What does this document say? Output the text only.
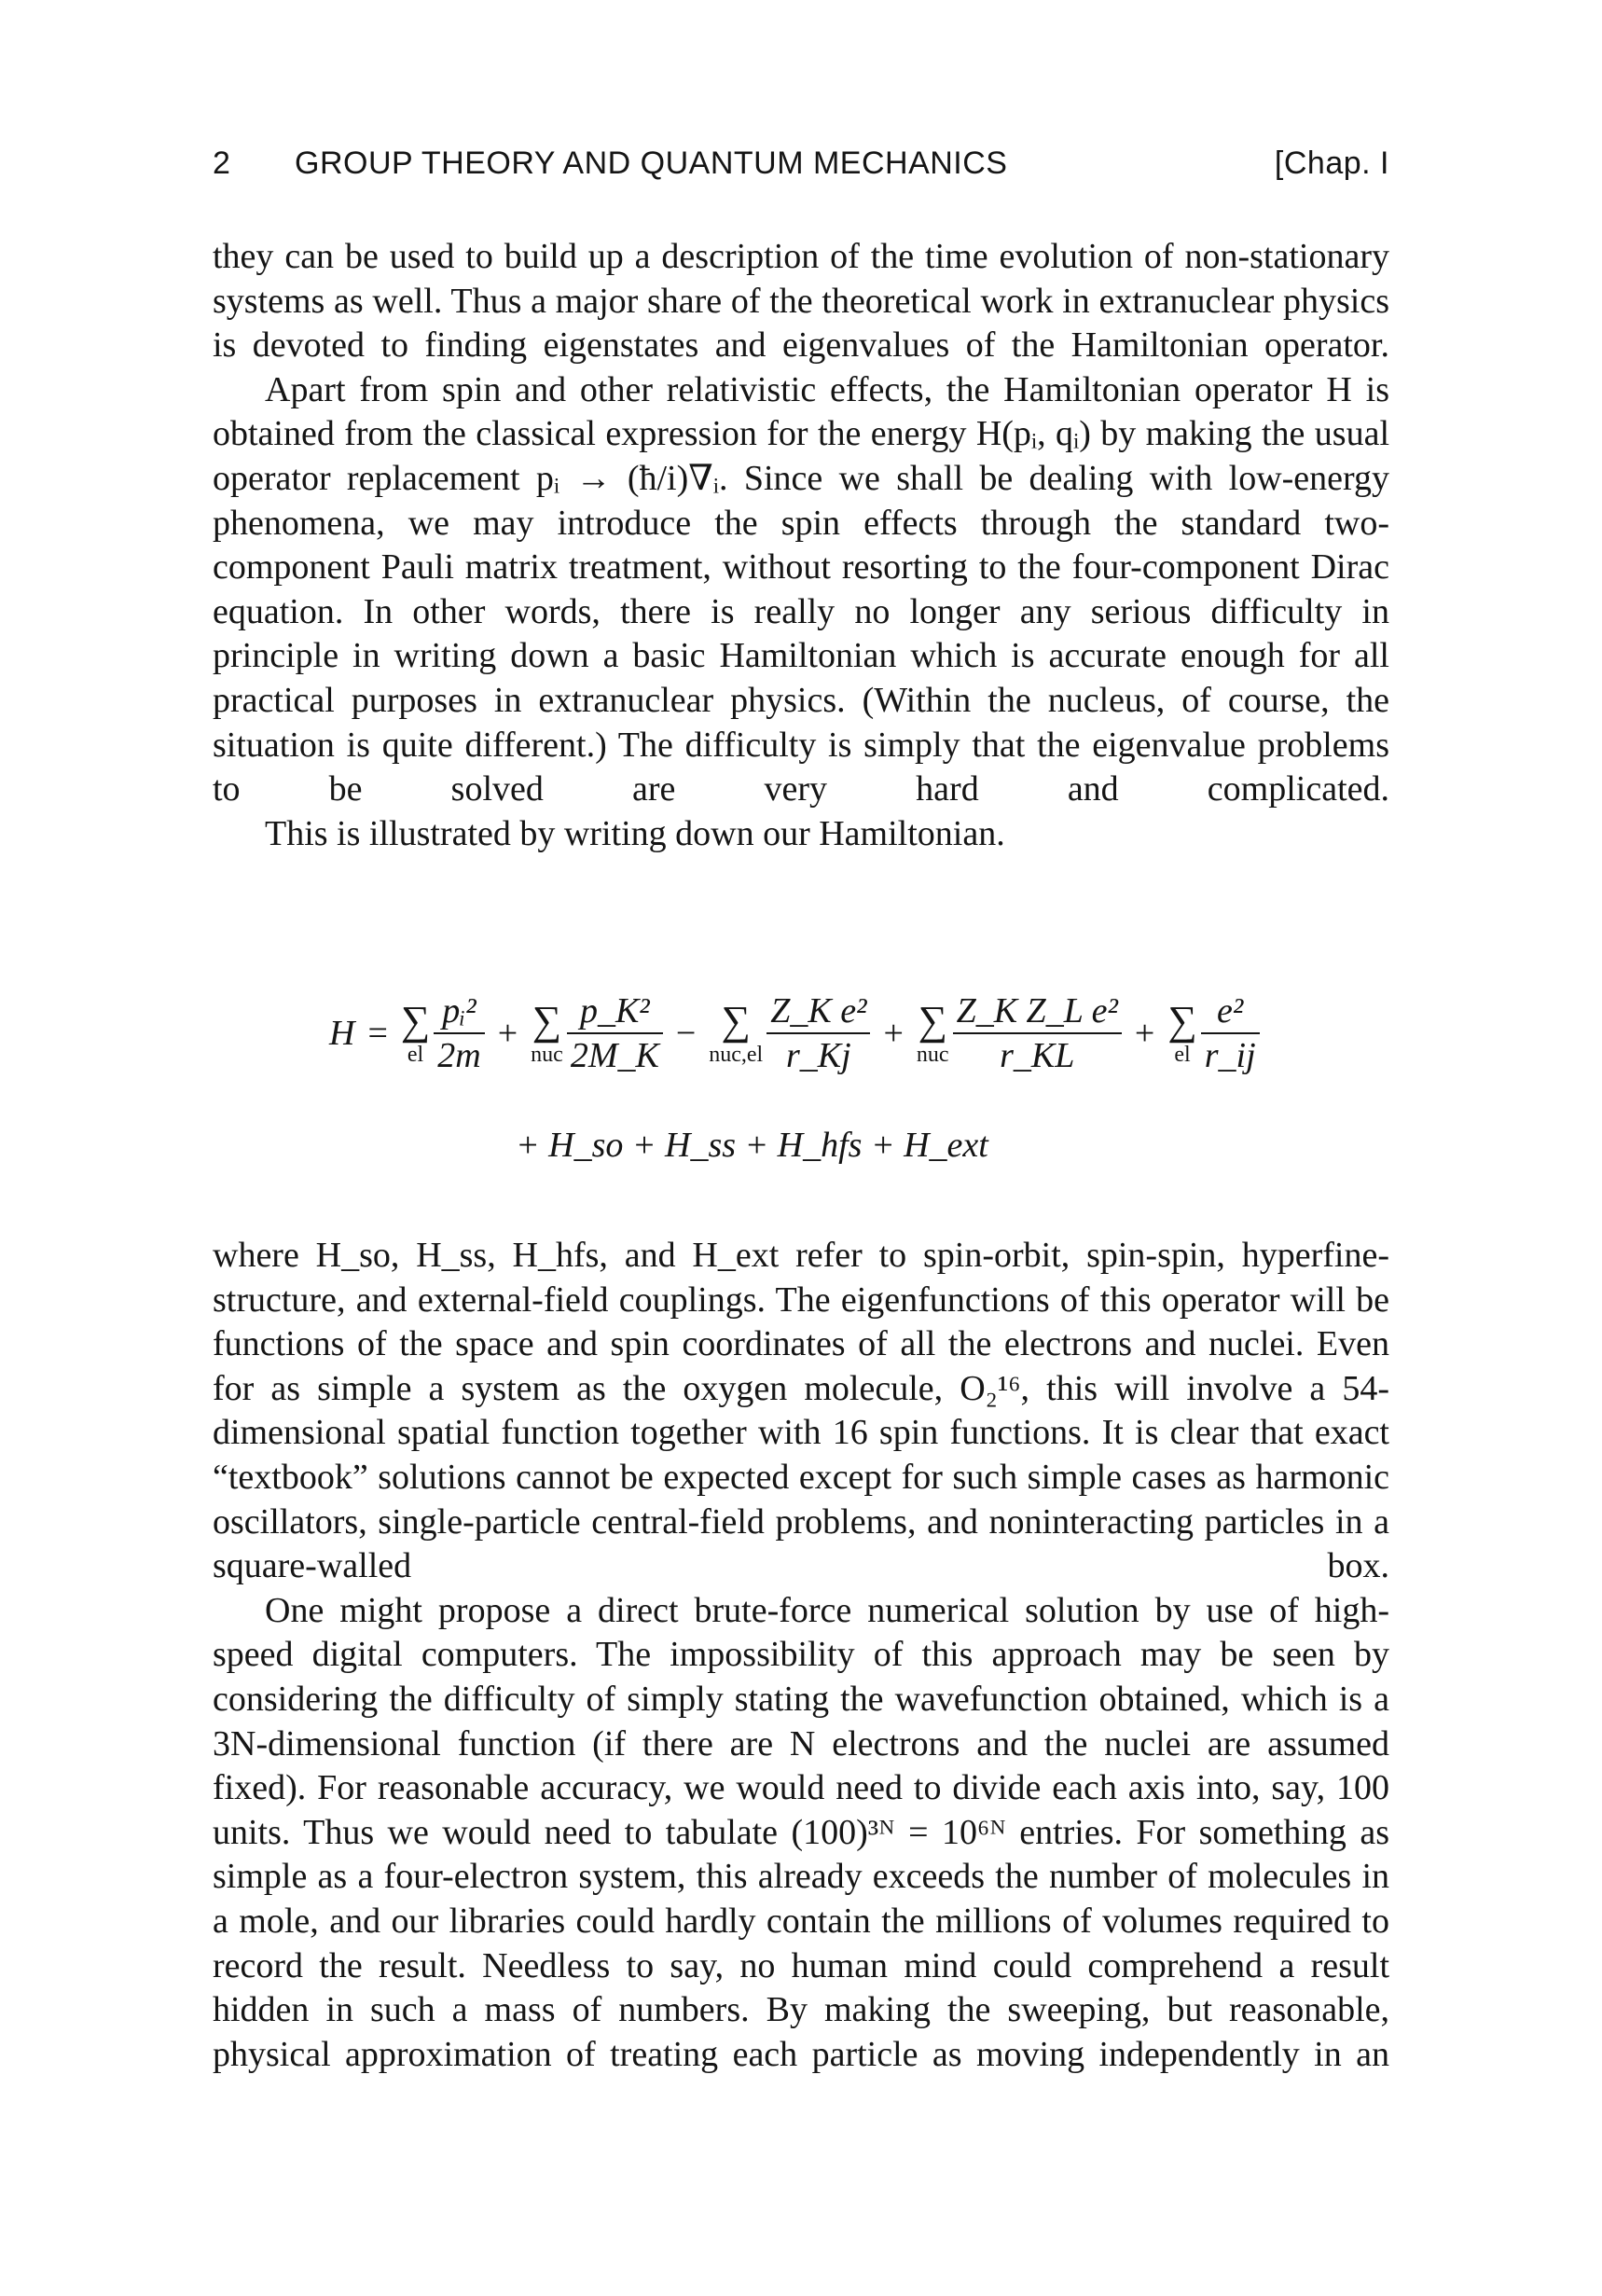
2 GROUP THEORY AND QUANTUM MECHANICS	[Chap. I

they can be used to build up a description of the time evolution of non-stationary systems as well. Thus a major share of the theoretical work in extranuclear physics is devoted to finding eigenstates and eigenvalues of the Hamiltonian operator.

Apart from spin and other relativistic effects, the Hamiltonian operator H is obtained from the classical expression for the energy H(pᵢ, qᵢ) by making the usual operator replacement pᵢ → (ħ/i)∇ᵢ. Since we shall be dealing with low-energy phenomena, we may introduce the spin effects through the standard two-component Pauli matrix treatment, without resorting to the four-component Dirac equation. In other words, there is really no longer any serious difficulty in principle in writing down a basic Hamiltonian which is accurate enough for all practical purposes in extranuclear physics. (Within the nucleus, of course, the situation is quite different.) The difficulty is simply that the eigenvalue problems to be solved are very hard and complicated.

This is illustrated by writing down our Hamiltonian.

H = ∑
el $\frac{\text{pᵢ²}}{2m}$ + ∑
nuc $\frac{\text{p\_K²}}{2M\_K}$ − ∑
$nuc,el \frac{\text{Z\_K e²}}{r\_Kj}$ + ∑
nuc $\frac{\text{Z\_K Z\_L e²}}{r\_KL}$ + ∑
el $\frac{\text{e²}}{r\_ij}$
+ H_so + H_ss + H_hfs + H_ext

where H_so, H_ss, H_hfs, and H_ext refer to spin-orbit, spin-spin, hyperfine-structure, and external-field couplings. The eigenfunctions of this operator will be functions of the space and spin coordinates of all the electrons and nuclei. Even for as simple a system as the oxygen molecule, O₂¹⁶, this will involve a 54-dimensional spatial function together with 16 spin functions. It is clear that exact “textbook” solutions cannot be expected except for such simple cases as harmonic oscillators, single-particle central-field problems, and noninteracting particles in a square-walled box.

One might propose a direct brute-force numerical solution by use of high-speed digital computers. The impossibility of this approach may be seen by considering the difficulty of simply stating the wavefunction obtained, which is a 3N-dimensional function (if there are N electrons and the nuclei are assumed fixed). For reasonable accuracy, we would need to divide each axis into, say, 100 units. Thus we would need to tabulate (100)³ᴺ = 10⁶ᴺ entries. For something as simple as a four-electron system, this already exceeds the number of molecules in a mole, and our libraries could hardly contain the millions of volumes required to record the result. Needless to say, no human mind could comprehend a result hidden in such a mass of numbers. By making the sweeping, but reasonable, physical approximation of treating each particle as moving independently in an
